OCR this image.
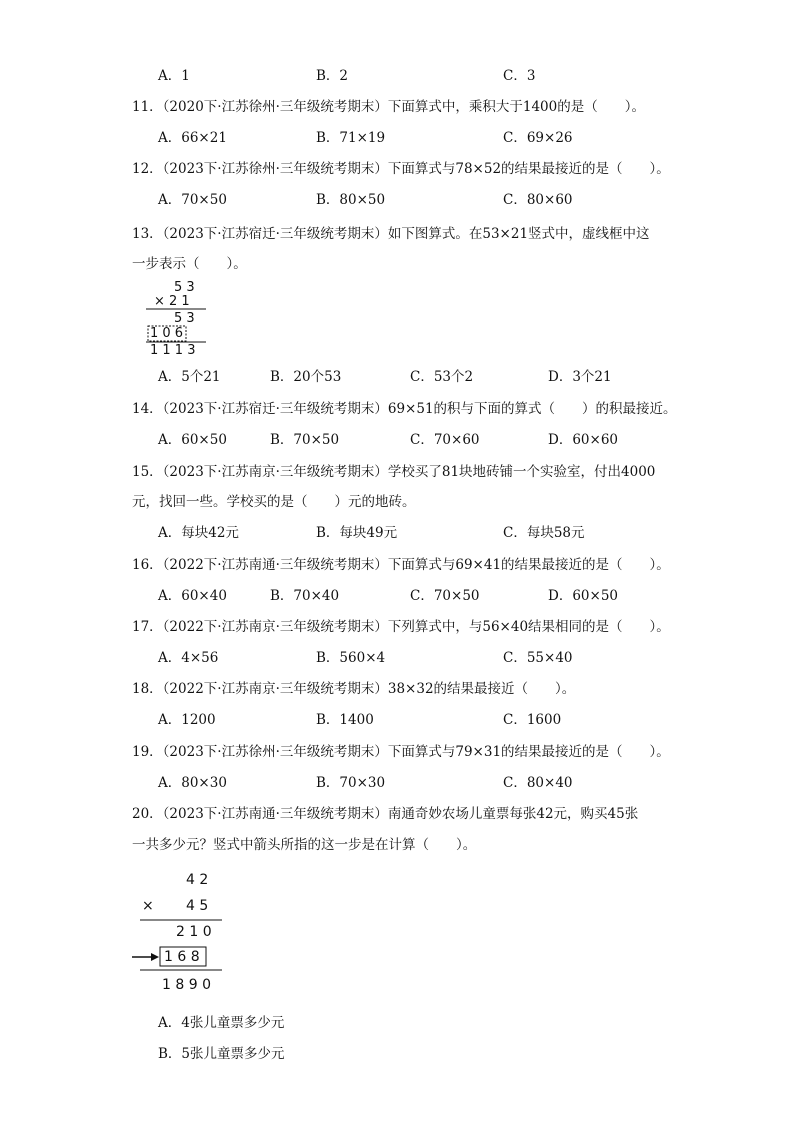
A．1	B．2	C．3
11．（2020下·江苏徐州·三年级统考期末）下面算式中，乘积大于1400的是（　　）。
A．66×21	B．71×19	C．69×26
12．（2023下·江苏徐州·三年级统考期末）下面算式与78×52的结果最接近的是（　　）。
A．70×50	B．80×50	C．80×60
13．（2023下·江苏宿迁·三年级统考期末）如下图算式。在53×21竖式中，虚线框中这
一步表示（　　）。
5 3
× 2 1
5 3
1 0 6
1 1 1 3
A．5个21	B．20个53	C．53个2	D．3个21
14．（2023下·江苏宿迁·三年级统考期末）69×51的积与下面的算式（　　）的积最接近。
A．60×50	B．70×50	C．70×60	D．60×60
15．（2023下·江苏南京·三年级统考期末）学校买了81块地砖铺一个实验室，付出4000
元，找回一些。学校买的是（　　）元的地砖。
A．每块42元	B．每块49元	C．每块58元
16．（2022下·江苏南通·三年级统考期末）下面算式与69×41的结果最接近的是（　　）。
A．60×40	B．70×40	C．70×50	D．60×50
17．（2022下·江苏南京·三年级统考期末）下列算式中，与56×40结果相同的是（　　）。
A．4×56	B．560×4	C．55×40
18．（2022下·江苏南京·三年级统考期末）38×32的结果最接近（　　）。
A．1200	B．1400	C．1600
19．（2023下·江苏徐州·三年级统考期末）下面算式与79×31的结果最接近的是（　　）。
A．80×30	B．70×30	C．80×40
20．（2023下·江苏南通·三年级统考期末）南通奇妙农场儿童票每张42元，购买45张
一共多少元？竖式中箭头所指的这一步是在计算（　　）。
4 2
× 4 5
2 1 0
1 6 8
1 8 9 0
A．4张儿童票多少元
B．5张儿童票多少元
